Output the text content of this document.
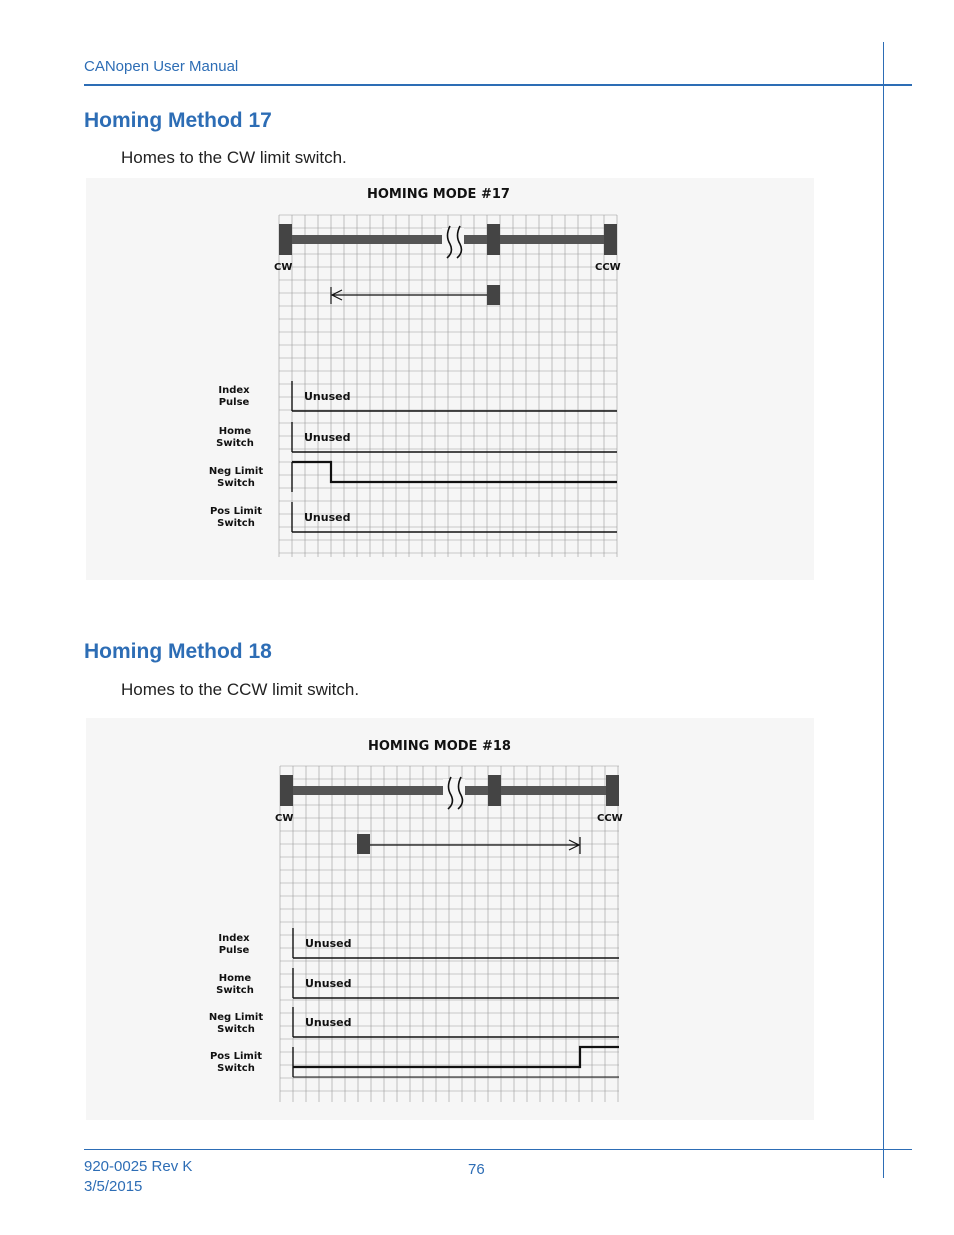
CANopen User Manual
Homing Method 17
Homes to the CW limit switch.
HOMING MODE #17
CW	CCW
Index
Pulse
Home
Switch
Neg Limit
Switch
Pos Limit
Switch
Unused
Unused
Unused
Homing Method 18
Homes to the CCW limit switch.
HOMING MODE #18
CW	CCW
Index
Pulse
Home
Switch
Neg Limit
Switch
Pos Limit
Switch
Unused
Unused
Unused
920-0025 Rev K
3/5/2015
76
